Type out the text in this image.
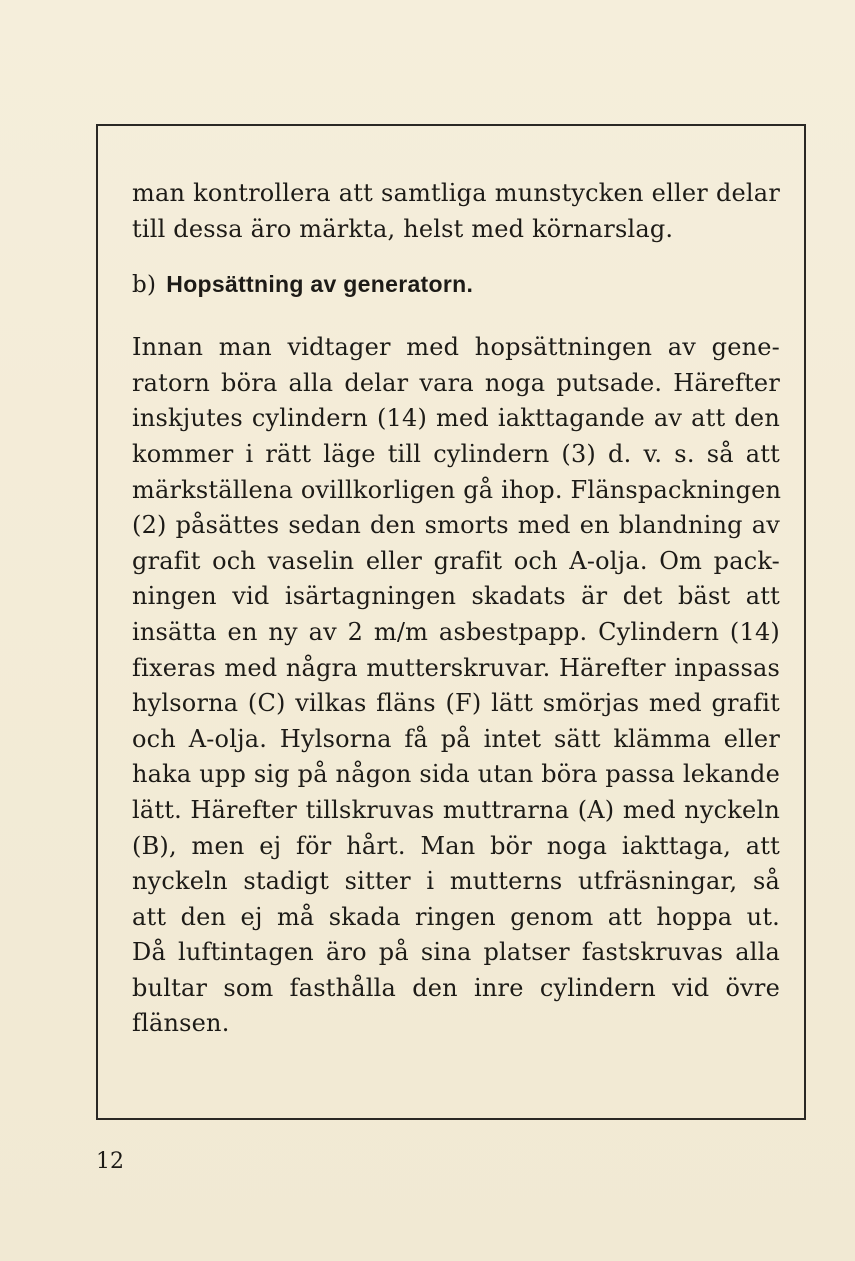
man kontrollera att samtliga munstycken eller delar
till dessa äro märkta, helst med körnarslag.

b) Hopsättning av generatorn.

Innan man vidtager med hopsättningen av gene-
ratorn böra alla delar vara noga putsade. Härefter
inskjutes cylindern (14) med iakttagande av att den
kommer i rätt läge till cylindern (3) d. v. s. så att
märkställena ovillkorligen gå ihop. Flänspackningen
(2) påsättes sedan den smorts med en blandning av
grafit och vaselin eller grafit och A-olja. Om pack-
ningen vid isärtagningen skadats är det bäst att
insätta en ny av 2 m/m asbestpapp. Cylindern (14)
fixeras med några mutterskruvar. Härefter inpassas
hylsorna (C) vilkas fläns (F) lätt smörjas med grafit
och A-olja. Hylsorna få på intet sätt klämma eller
haka upp sig på någon sida utan böra passa lekande
lätt. Härefter tillskruvas muttrarna (A) med nyckeln
(B), men ej för hårt. Man bör noga iakttaga, att
nyckeln stadigt sitter i mutterns utfräsningar, så
att den ej må skada ringen genom att hoppa ut.
Då luftintagen äro på sina platser fastskruvas alla
bultar som fasthålla den inre cylindern vid övre
flänsen.

12
